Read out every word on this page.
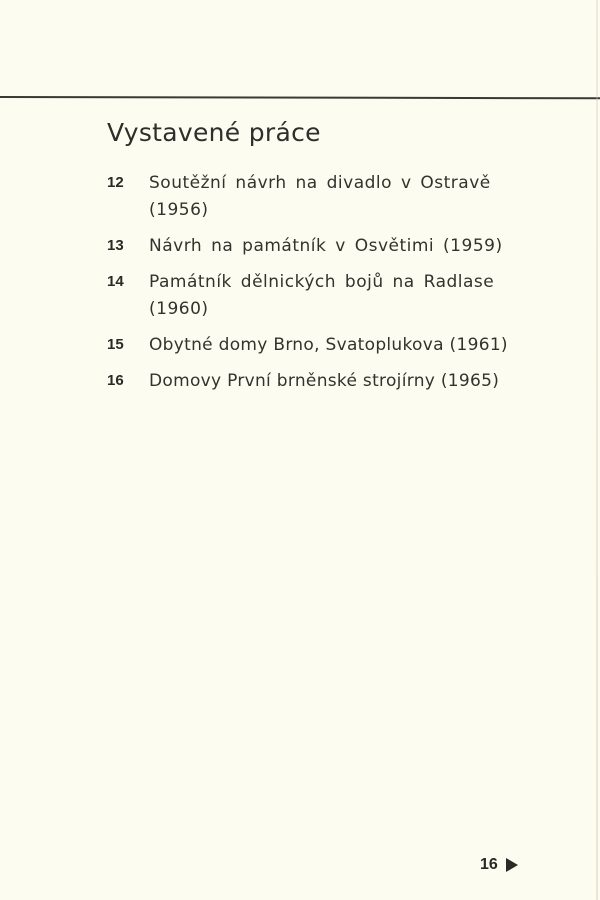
Vystavené práce
12	Soutěžní návrh na divadlo v Ostravě (1956)
13	Návrh na památník v Osvětimi (1959)
14	Památník dělnických bojů na Radlase (1960)
15	Obytné domy Brno, Svatoplukova (1961)
16	Domovy První brněnské strojírny (1965)
16
